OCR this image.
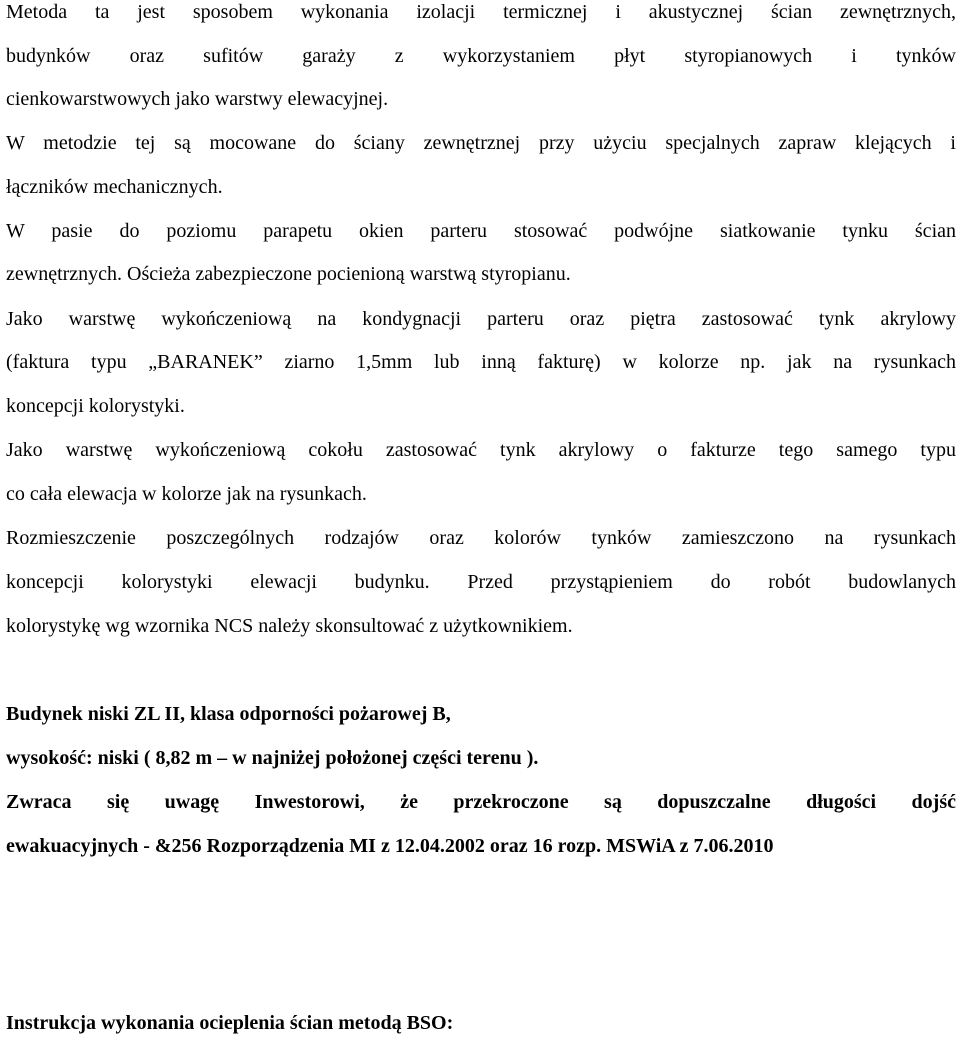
Metoda ta jest sposobem wykonania izolacji termicznej i akustycznej ścian zewnętrznych,
budynków oraz sufitów garaży z wykorzystaniem płyt styropianowych i tynków
cienkowarstwowych jako warstwy elewacyjnej.
W metodzie tej są mocowane do ściany zewnętrznej przy użyciu specjalnych zapraw klejących i
łączników mechanicznych.
W pasie do poziomu parapetu okien parteru stosować podwójne siatkowanie tynku ścian
zewnętrznych. Ościeża zabezpieczone pocienioną warstwą styropianu.
Jako warstwę wykończeniową na kondygnacji parteru oraz piętra zastosować tynk akrylowy
(faktura typu „BARANEK” ziarno 1,5mm lub inną fakturę) w kolorze np. jak na rysunkach
koncepcji kolorystyki.
Jako warstwę wykończeniową cokołu zastosować tynk akrylowy o fakturze tego samego typu
co cała elewacja w kolorze jak na rysunkach.
Rozmieszczenie poszczególnych rodzajów oraz kolorów tynków zamieszczono na rysunkach
koncepcji kolorystyki elewacji budynku. Przed przystąpieniem do robót budowlanych
kolorystykę wg wzornika NCS należy skonsultować z użytkownikiem.
Budynek niski ZL II, klasa odporności pożarowej B,
wysokość: niski ( 8,82 m – w najniżej położonej części terenu ).
Zwraca się uwagę Inwestorowi, że przekroczone są dopuszczalne długości dojść
ewakuacyjnych - &256 Rozporządzenia MI z 12.04.2002 oraz 16 rozp. MSWiA z 7.06.2010
Instrukcja wykonania ocieplenia ścian metodą BSO:
